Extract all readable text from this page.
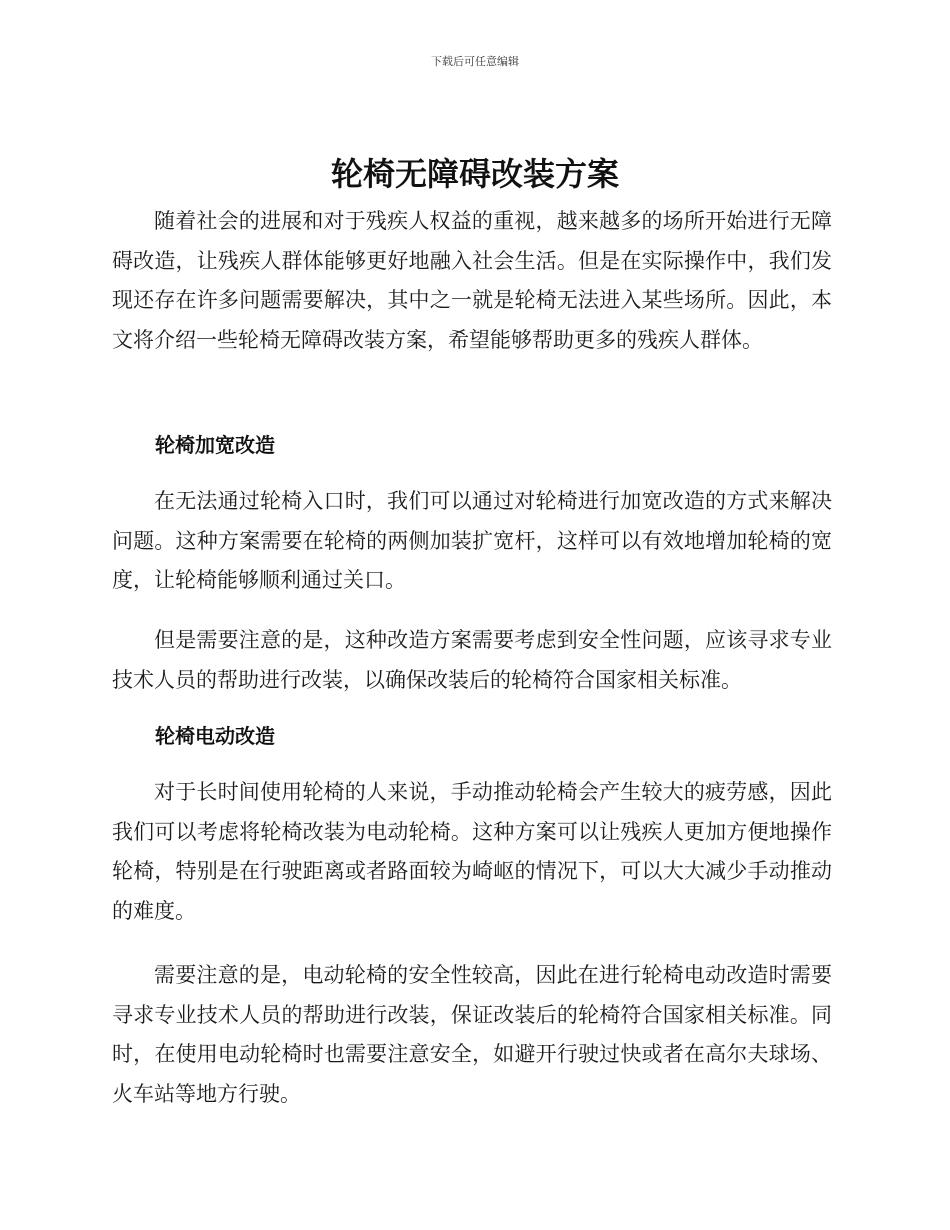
下载后可任意编辑
轮椅无障碍改装方案

随着社会的进展和对于残疾人权益的重视，越来越多的场所开始进行无障碍改造，让残疾人群体能够更好地融入社会生活。但是在实际操作中，我们发现还存在许多问题需要解决，其中之一就是轮椅无法进入某些场所。因此，本文将介绍一些轮椅无障碍改装方案，希望能够帮助更多的残疾人群体。

轮椅加宽改造

在无法通过轮椅入口时，我们可以通过对轮椅进行加宽改造的方式来解决问题。这种方案需要在轮椅的两侧加装扩宽杆，这样可以有效地增加轮椅的宽度，让轮椅能够顺利通过关口。

但是需要注意的是，这种改造方案需要考虑到安全性问题，应该寻求专业技术人员的帮助进行改装，以确保改装后的轮椅符合国家相关标准。

轮椅电动改造

对于长时间使用轮椅的人来说，手动推动轮椅会产生较大的疲劳感，因此我们可以考虑将轮椅改装为电动轮椅。这种方案可以让残疾人更加方便地操作轮椅，特别是在行驶距离或者路面较为崎岖的情况下，可以大大减少手动推动的难度。

需要注意的是，电动轮椅的安全性较高，因此在进行轮椅电动改造时需要寻求专业技术人员的帮助进行改装，保证改装后的轮椅符合国家相关标准。同时，在使用电动轮椅时也需要注意安全，如避开行驶过快或者在高尔夫球场、火车站等地方行驶。
